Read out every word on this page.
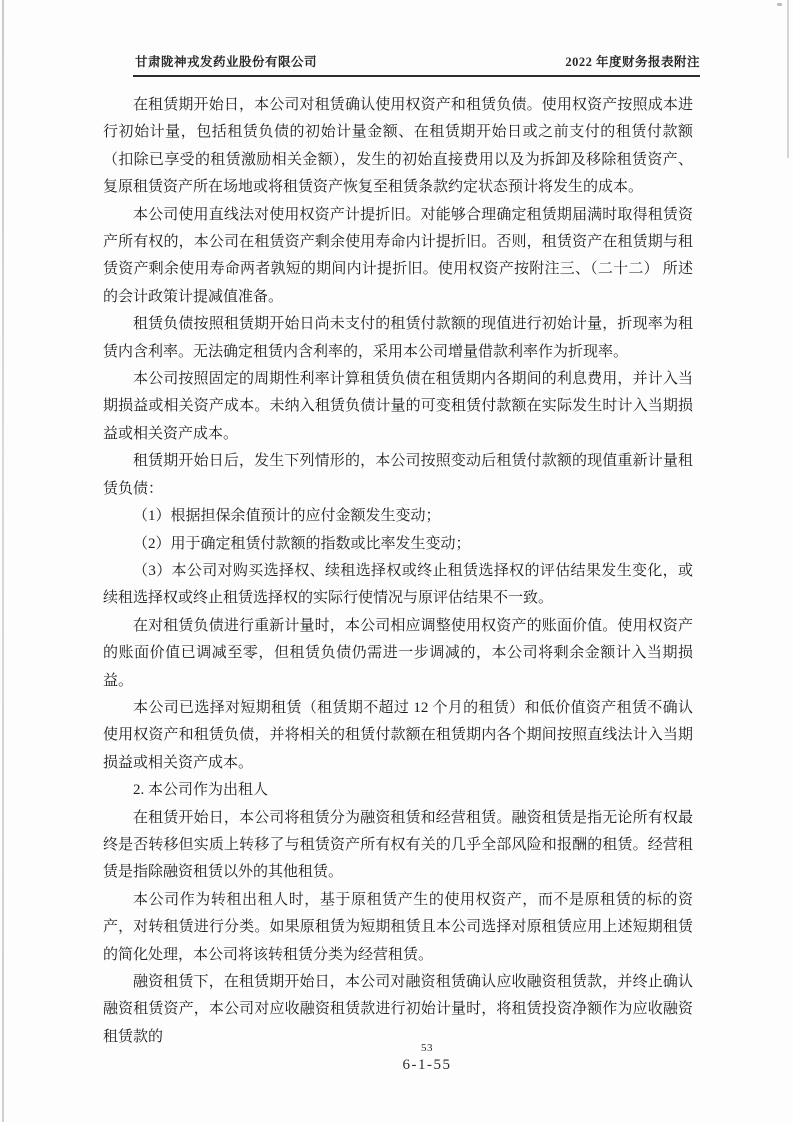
甘肃陇神戎发药业股份有限公司	2022 年度财务报表附注

在租赁期开始日，本公司对租赁确认使用权资产和租赁负债。使用权资产按照成本进行初始计量，包括租赁负债的初始计量金额、在租赁期开始日或之前支付的租赁付款额（扣除已享受的租赁激励相关金额），发生的初始直接费用以及为拆卸及移除租赁资产、复原租赁资产所在场地或将租赁资产恢复至租赁条款约定状态预计将发生的成本。

本公司使用直线法对使用权资产计提折旧。对能够合理确定租赁期届满时取得租赁资产所有权的，本公司在租赁资产剩余使用寿命内计提折旧。否则，租赁资产在租赁期与租赁资产剩余使用寿命两者孰短的期间内计提折旧。使用权资产按附注三、（二十二） 所述的会计政策计提减值准备。

租赁负债按照租赁期开始日尚未支付的租赁付款额的现值进行初始计量，折现率为租赁内含利率。无法确定租赁内含利率的，采用本公司增量借款利率作为折现率。

本公司按照固定的周期性利率计算租赁负债在租赁期内各期间的利息费用，并计入当期损益或相关资产成本。未纳入租赁负债计量的可变租赁付款额在实际发生时计入当期损益或相关资产成本。

租赁期开始日后，发生下列情形的，本公司按照变动后租赁付款额的现值重新计量租赁负债：

（1）根据担保余值预计的应付金额发生变动；

（2）用于确定租赁付款额的指数或比率发生变动；

（3）本公司对购买选择权、续租选择权或终止租赁选择权的评估结果发生变化，或续租选择权或终止租赁选择权的实际行使情况与原评估结果不一致。

在对租赁负债进行重新计量时，本公司相应调整使用权资产的账面价值。使用权资产的账面价值已调减至零，但租赁负债仍需进一步调减的，本公司将剩余金额计入当期损益。

本公司已选择对短期租赁（租赁期不超过 12 个月的租赁）和低价值资产租赁不确认使用权资产和租赁负债，并将相关的租赁付款额在租赁期内各个期间按照直线法计入当期损益或相关资产成本。

2. 本公司作为出租人

在租赁开始日，本公司将租赁分为融资租赁和经营租赁。融资租赁是指无论所有权最终是否转移但实质上转移了与租赁资产所有权有关的几乎全部风险和报酬的租赁。经营租赁是指除融资租赁以外的其他租赁。

本公司作为转租出租人时，基于原租赁产生的使用权资产，而不是原租赁的标的资产，对转租赁进行分类。如果原租赁为短期租赁且本公司选择对原租赁应用上述短期租赁的简化处理，本公司将该转租赁分类为经营租赁。

融资租赁下，在租赁期开始日，本公司对融资租赁确认应收融资租赁款，并终止确认融资租赁资产，本公司对应收融资租赁款进行初始计量时，将租赁投资净额作为应收融资租赁款的

53
6-1-55
